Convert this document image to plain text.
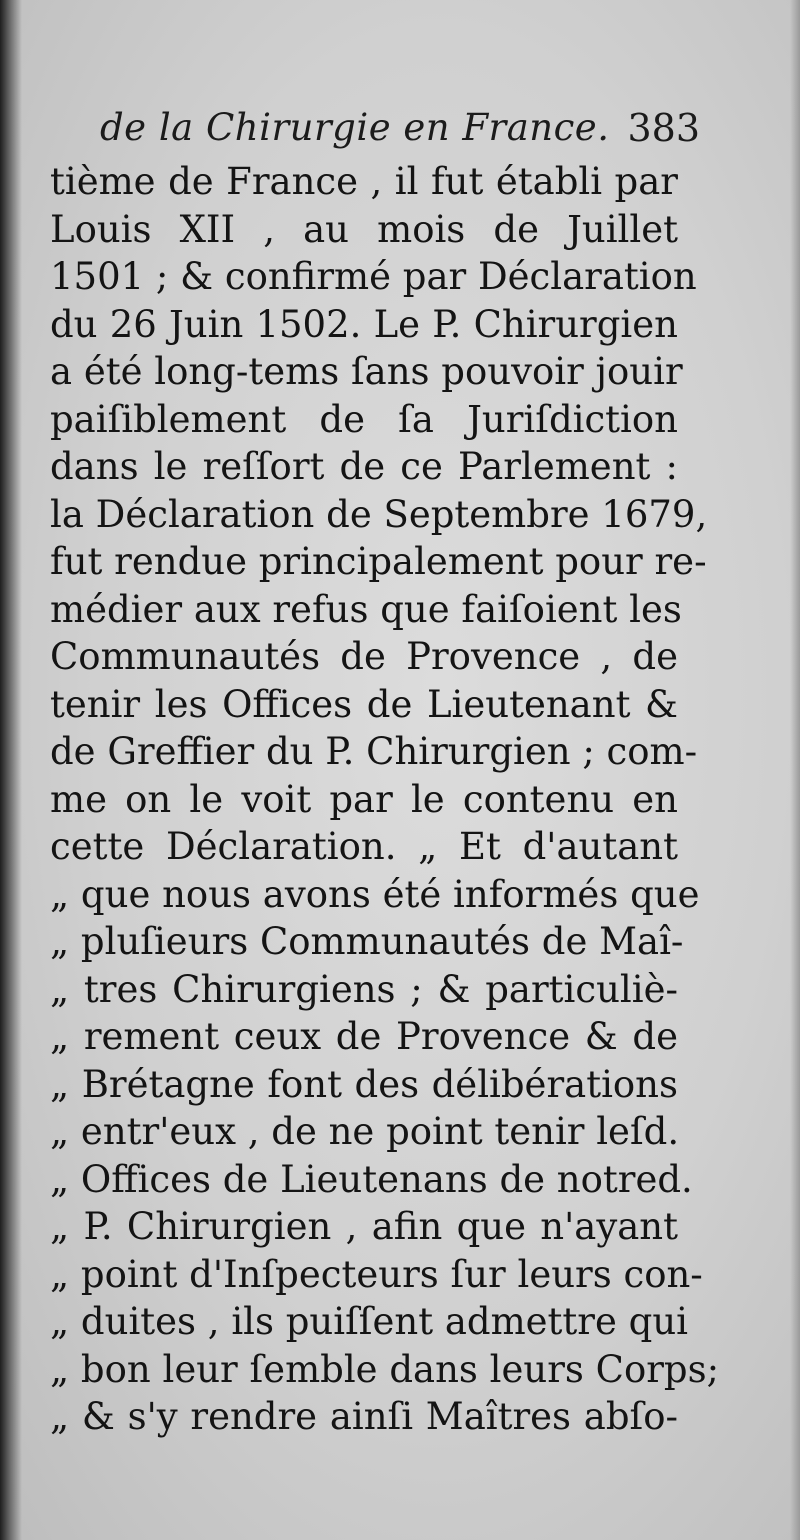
de la Chirurgie en France. 383
tième de France , il fut établi par
Louis XII , au mois de Juillet
1501 ; & confirmé par Déclaration
du 26 Juin 1502. Le P. Chirurgien
a été long-tems ſans pouvoir jouir
paiſiblement de ſa Juriſdiction
dans le reſſort de ce Parlement :
la Déclaration de Septembre 1679,
fut rendue principalement pour re-
médier aux refus que faiſoient les
Communautés de Provence , de
tenir les Offices de Lieutenant &
de Greffier du P. Chirurgien ; com-
me on le voit par le contenu en
cette Déclaration. „ Et d'autant
„ que nous avons été informés que
„ pluſieurs Communautés de Maî-
„ tres Chirurgiens ; & particuliè-
„ rement ceux de Provence & de
„ Brétagne font des délibérations
„ entr'eux , de ne point tenir leſd.
„ Offices de Lieutenans de notred.
„ P. Chirurgien , afin que n'ayant
„ point d'Inſpecteurs ſur leurs con-
„ duites , ils puiſſent admettre qui
„ bon leur ſemble dans leurs Corps;
„ & s'y rendre ainſi Maîtres abſo-
